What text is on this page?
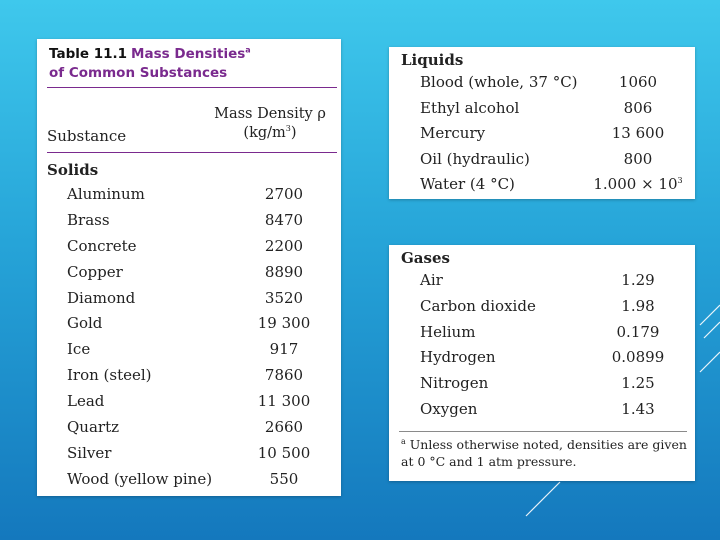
Table 11.1 Mass Densities$^a$
of Common Substances
Mass Density ρ
$(kg/m^3)$
Substance
Solids
Aluminum	2700
Brass	8470
Concrete	2200
Copper	8890
Diamond	3520
Gold	19 300
Ice	917
Iron (steel)	7860
Lead	11 300
Quartz	2660
Silver	10 500
Wood (yellow pine)	550
Liquids
Blood (whole, 37 °C)	1060
Ethyl alcohol	806
Mercury	13 600
Oil (hydraulic)	800
Water (4 °C)	$1.000 \times 10^3$
Gases
Air	1.29
Carbon dioxide	1.98
Helium	0.179
Hydrogen	0.0899
Nitrogen	1.25
Oxygen	1.43
$^a$ Unless otherwise noted, densities are given at 0 °C and 1 atm pressure.
